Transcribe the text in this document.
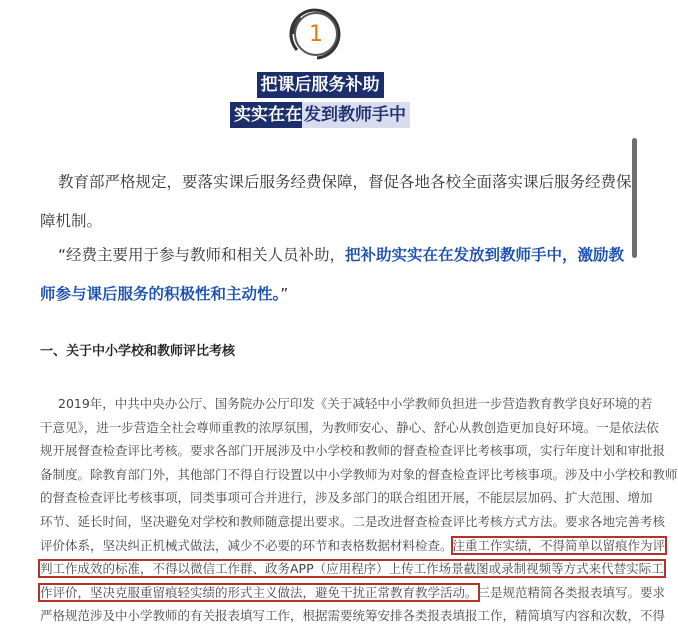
1
把课后服务补助
实实在在 发到教师手中
教育部严格规定，要落实课后服务经费保障，督促各地各校全面落实课后服务经费保
障机制。
“经费主要用于参与教师和相关人员补助，把补助实实在在发放到教师手中，激励教
师参与课后服务的积极性和主动性。”
一、关于中小学校和教师评比考核
2019年，中共中央办公厅、国务院办公厅印发《关于减轻中小学教师负担进一步营造教育教学良好环境的若
干意见》，进一步营造全社会尊师重教的浓厚氛围，为教师安心、静心、舒心从教创造更加良好环境。一是依法依
规开展督查检查评比考核。要求各部门开展涉及中小学校和教师的督查检查评比考核事项，实行年度计划和审批报
备制度。除教育部门外，其他部门不得自行设置以中小学教师为对象的督查检查评比考核事项。涉及中小学校和教师
的督查检查评比考核事项，同类事项可合并进行，涉及多部门的联合组团开展，不能层层加码、扩大范围、增加
环节、延长时间，坚决避免对学校和教师随意提出要求。二是改进督查检查评比考核方式方法。要求各地完善考核
评价体系，坚决纠正机械式做法，减少不必要的环节和表格数据材料检查。注重工作实绩，不得简单以留痕作为评
判工作成效的标准，不得以微信工作群、政务APP（应用程序）上传工作场景截图或录制视频等方式来代替实际工
作评价，坚决克服重留痕轻实绩的形式主义做法，避免干扰正常教育教学活动。三是规范精简各类报表填写。要求
严格规范涉及中小学教师的有关报表填写工作，根据需要统筹安排各类报表填报工作，精简填写内容和次数，不得
